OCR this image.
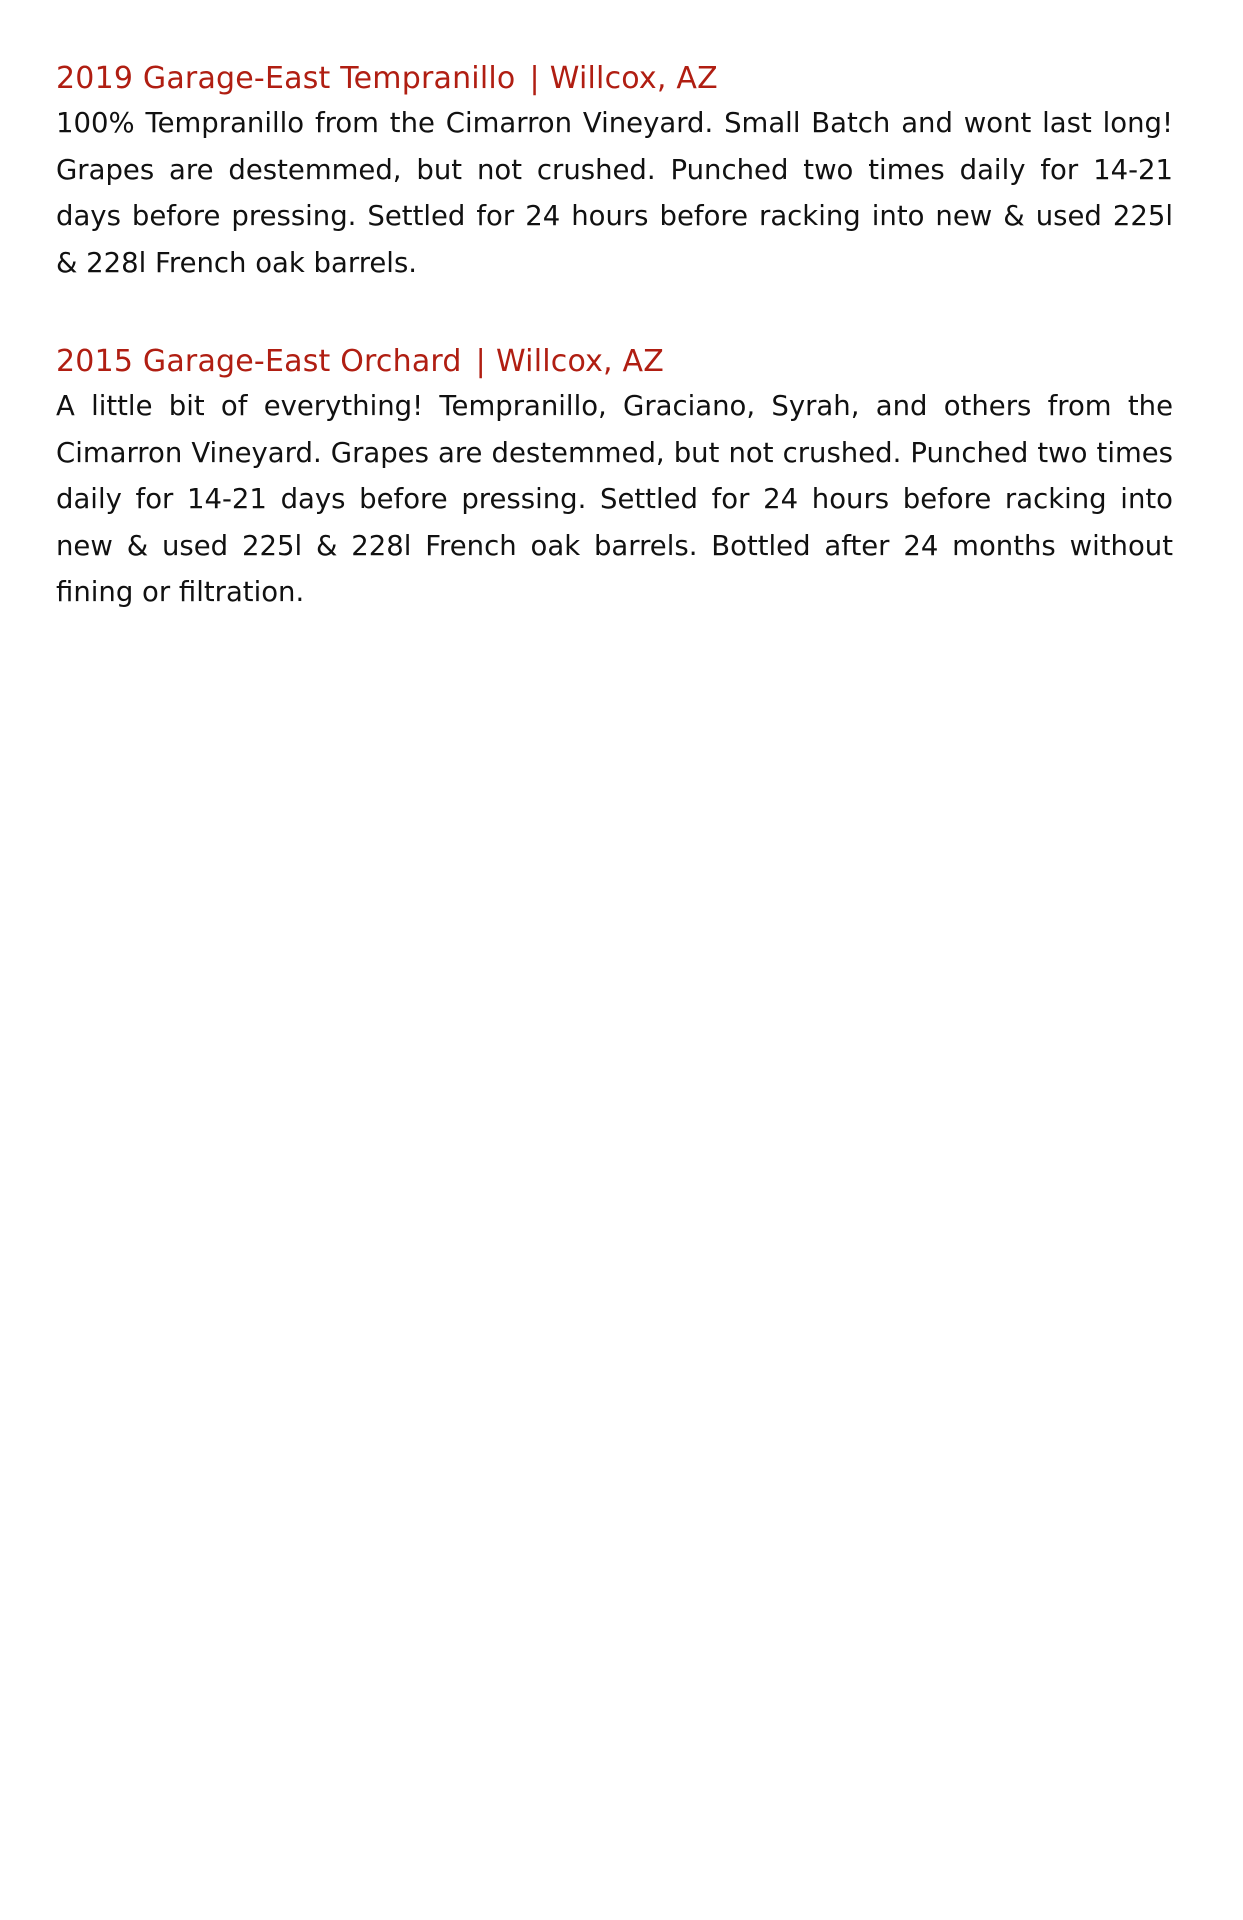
2019 Garage-East Tempranillo | Willcox, AZ

100% Tempranillo from the Cimarron Vineyard. Small Batch and wont last long! Grapes are destemmed, but not crushed. Punched two times daily for 14-21 days before pressing. Settled for 24 hours before racking into new & used 225l & 228l French oak barrels.

2015 Garage-East Orchard | Willcox, AZ

A little bit of everything! Tempranillo, Graciano, Syrah, and others from the Cimarron Vineyard. Grapes are destemmed, but not crushed. Punched two times daily for 14-21 days before pressing. Settled for 24 hours before racking into new & used 225l & 228l French oak barrels. Bottled after 24 months without fining or filtration.
